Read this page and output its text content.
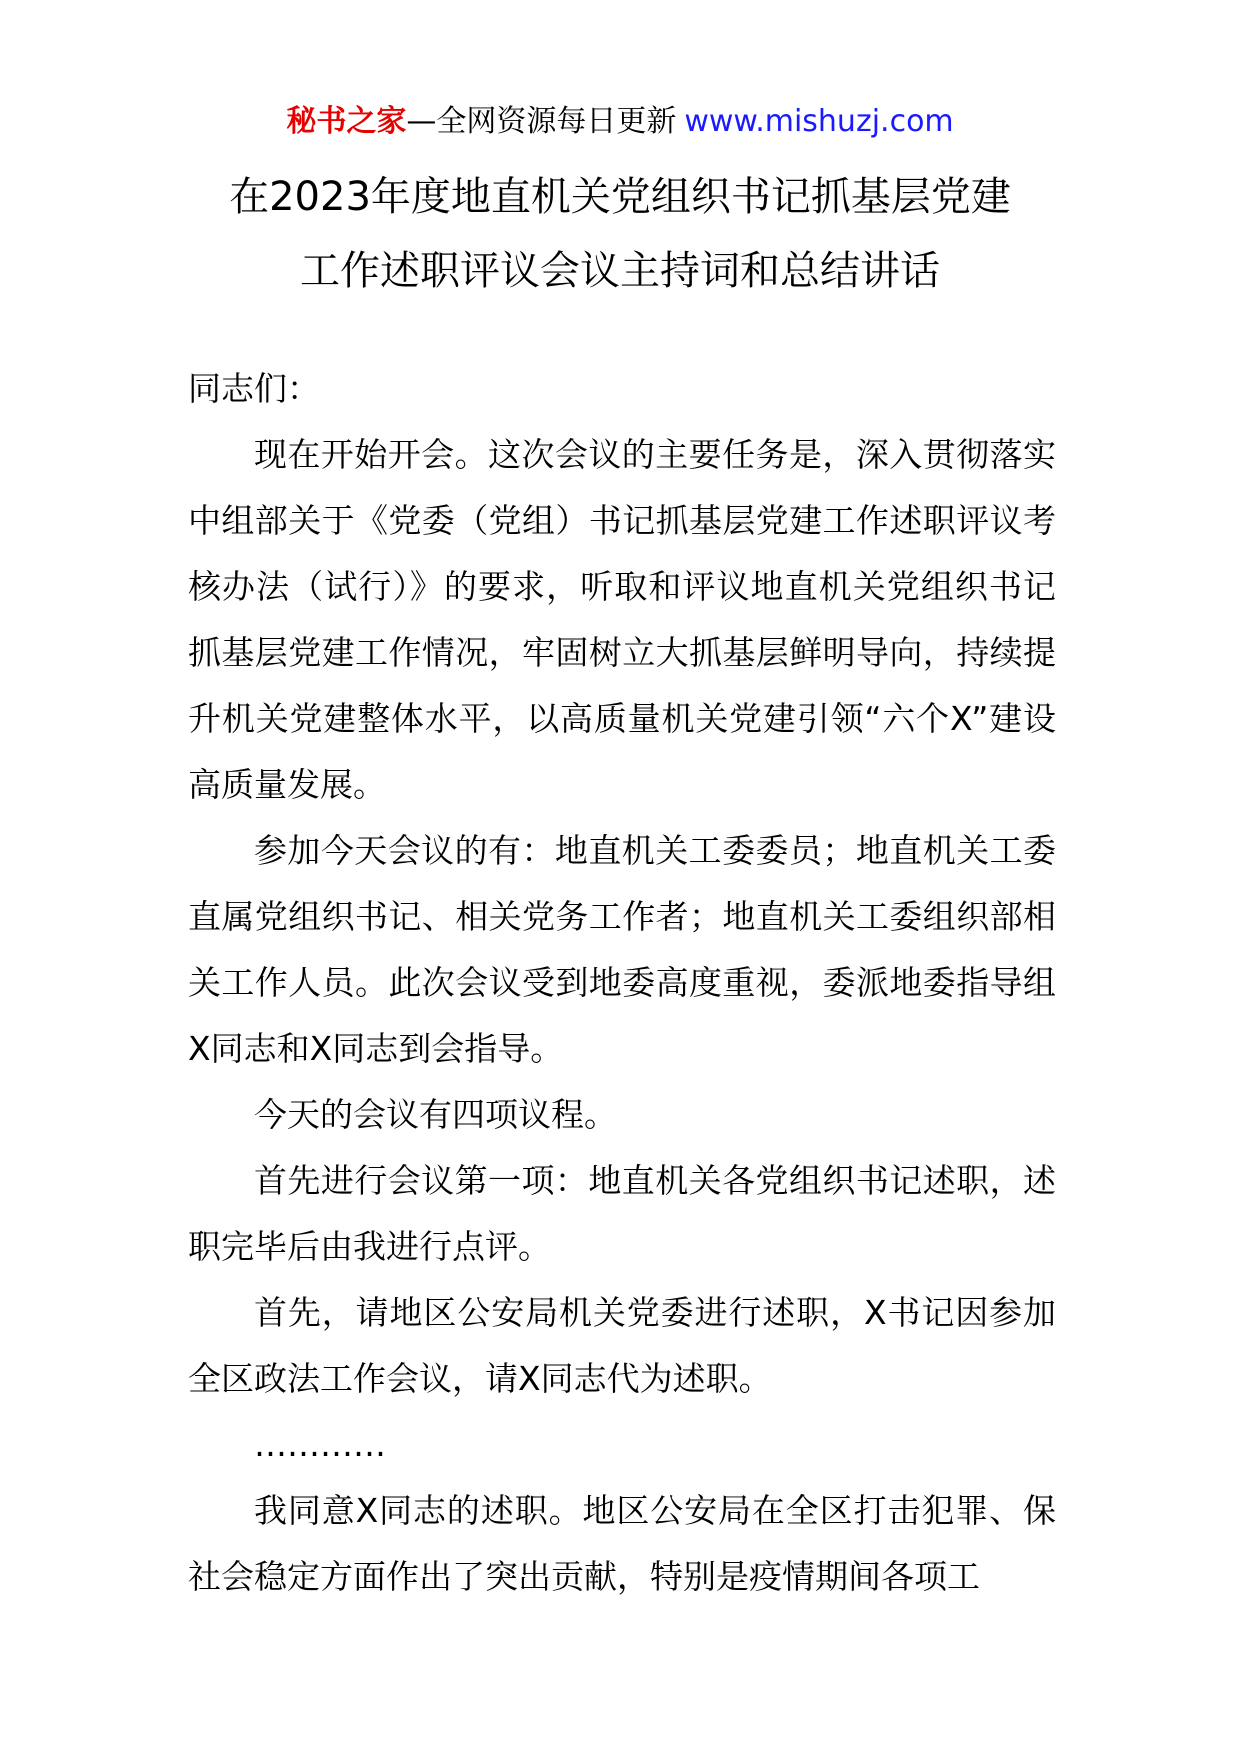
秘书之家—全网资源每日更新 www.mishuzj.com
在2023年度地直机关党组织书记抓基层党建
工作述职评议会议主持词和总结讲话

同志们：

现在开始开会。这次会议的主要任务是，深入贯彻落实中组部关于《党委（党组）书记抓基层党建工作述职评议考核办法（试行）》的要求，听取和评议地直机关党组织书记抓基层党建工作情况，牢固树立大抓基层鲜明导向，持续提升机关党建整体水平，以高质量机关党建引领“六个X”建设高质量发展。

参加今天会议的有：地直机关工委委员；地直机关工委直属党组织书记、相关党务工作者；地直机关工委组织部相关工作人员。此次会议受到地委高度重视，委派地委指导组X同志和X同志到会指导。

今天的会议有四项议程。

首先进行会议第一项：地直机关各党组织书记述职，述职完毕后由我进行点评。

首先，请地区公安局机关党委进行述职，X书记因参加全区政法工作会议，请X同志代为述职。

…………

我同意X同志的述职。地区公安局在全区打击犯罪、保社会稳定方面作出了突出贡献，特别是疫情期间各项工
